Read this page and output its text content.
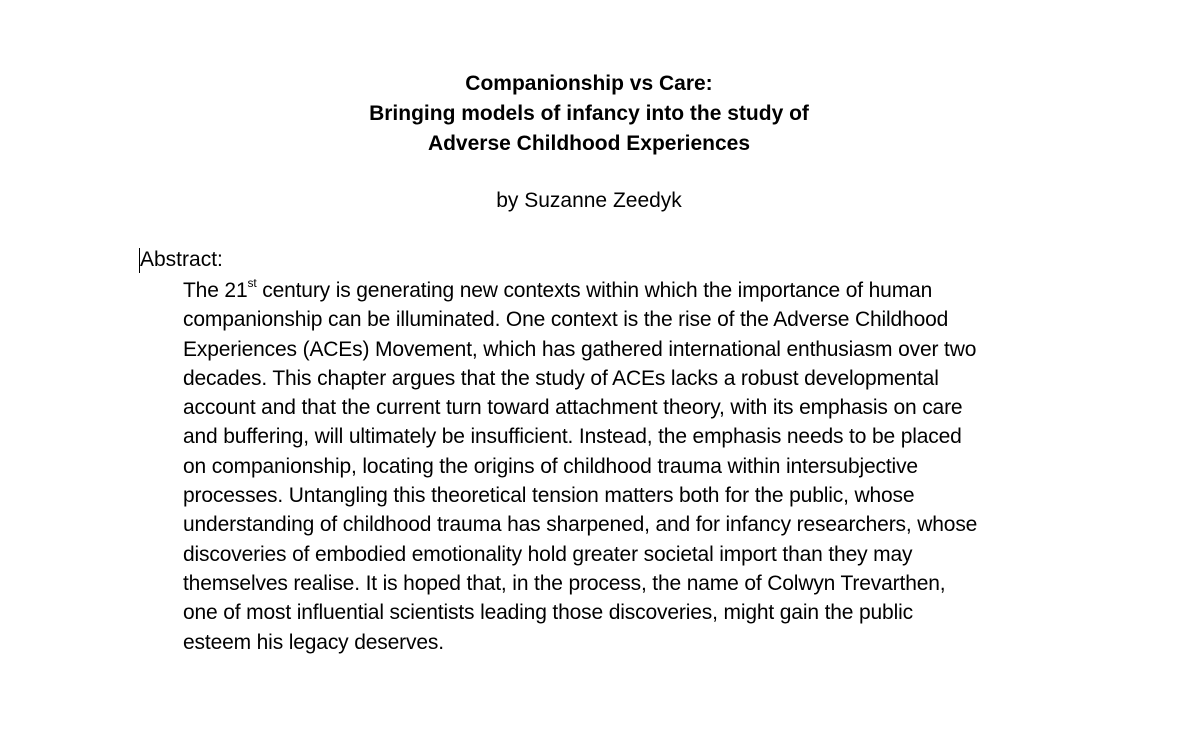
Companionship vs Care:
Bringing models of infancy into the study of
Adverse Childhood Experiences
by Suzanne Zeedyk
Abstract:
The 21st century is generating new contexts within which the importance of human
companionship can be illuminated. One context is the rise of the Adverse Childhood
Experiences (ACEs) Movement, which has gathered international enthusiasm over two
decades. This chapter argues that the study of ACEs lacks a robust developmental
account and that the current turn toward attachment theory, with its emphasis on care
and buffering, will ultimately be insufficient. Instead, the emphasis needs to be placed
on companionship, locating the origins of childhood trauma within intersubjective
processes. Untangling this theoretical tension matters both for the public, whose
understanding of childhood trauma has sharpened, and for infancy researchers, whose
discoveries of embodied emotionality hold greater societal import than they may
themselves realise. It is hoped that, in the process, the name of Colwyn Trevarthen,
one of most influential scientists leading those discoveries, might gain the public
esteem his legacy deserves.
